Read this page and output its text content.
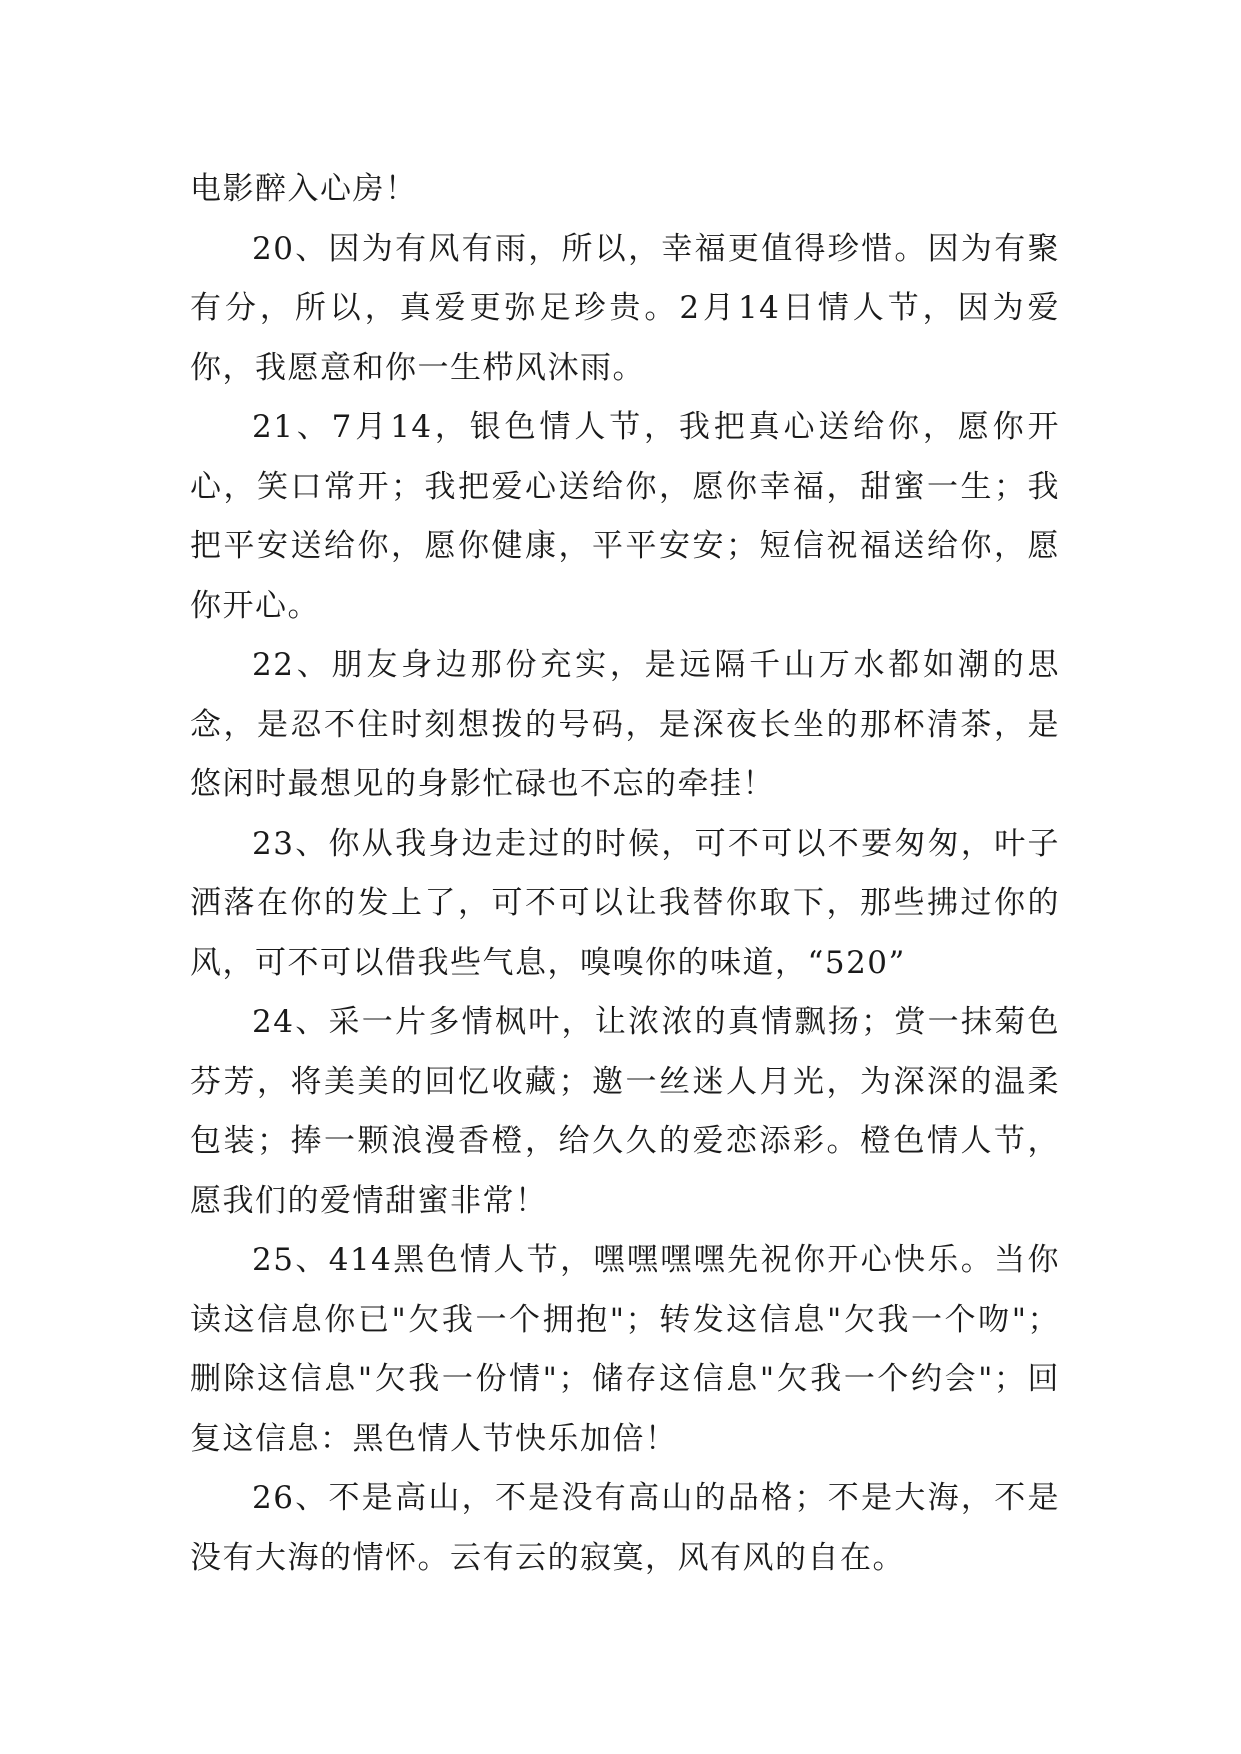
电影醉入心房！

20、因为有风有雨，所以，幸福更值得珍惜。因为有聚有分，所以，真爱更弥足珍贵。2月14日情人节，因为爱你，我愿意和你一生栉风沐雨。

21、7月14，银色情人节，我把真心送给你，愿你开心，笑口常开；我把爱心送给你，愿你幸福，甜蜜一生；我把平安送给你，愿你健康，平平安安；短信祝福送给你，愿你开心。

22、朋友身边那份充实，是远隔千山万水都如潮的思念，是忍不住时刻想拨的号码，是深夜长坐的那杯清茶，是悠闲时最想见的身影忙碌也不忘的牵挂！

23、你从我身边走过的时候，可不可以不要匆匆，叶子洒落在你的发上了，可不可以让我替你取下，那些拂过你的风，可不可以借我些气息，嗅嗅你的味道，“520”

24、采一片多情枫叶，让浓浓的真情飘扬；赏一抹菊色芬芳，将美美的回忆收藏；邀一丝迷人月光，为深深的温柔包装；捧一颗浪漫香橙，给久久的爱恋添彩。橙色情人节，愿我们的爱情甜蜜非常！

25、414黑色情人节，嘿嘿嘿嘿先祝你开心快乐。当你读这信息你已"欠我一个拥抱"；转发这信息"欠我一个吻"；删除这信息"欠我一份情"；储存这信息"欠我一个约会"；回复这信息：黑色情人节快乐加倍！

26、不是高山，不是没有高山的品格；不是大海，不是没有大海的情怀。云有云的寂寞，风有风的自在。
